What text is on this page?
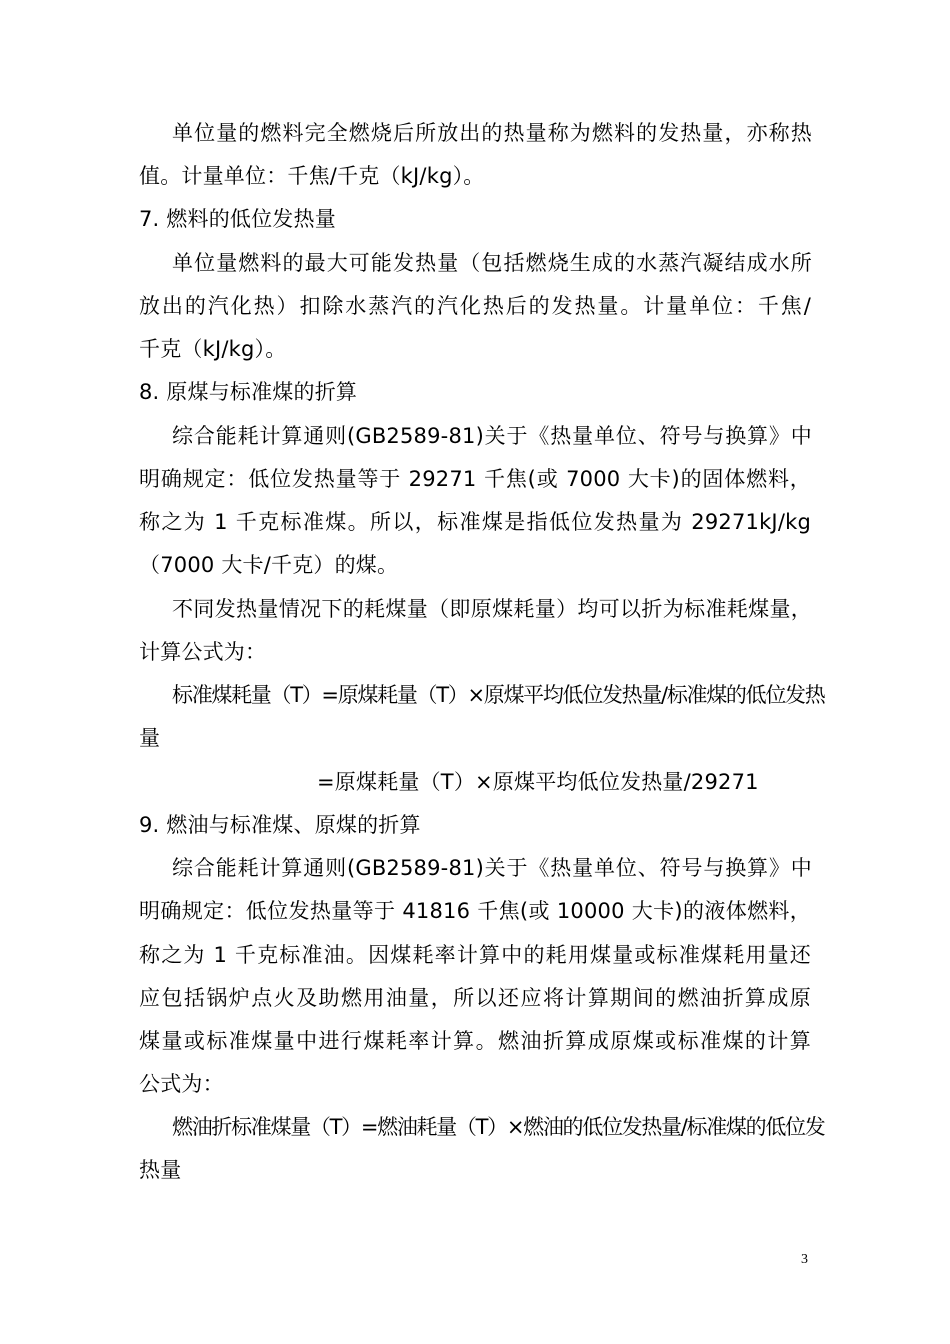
单位量的燃料完全燃烧后所放出的热量称为燃料的发热量，亦称热
值。计量单位：千焦/千克（kJ/kg）。
7. 燃料的低位发热量
单位量燃料的最大可能发热量（包括燃烧生成的水蒸汽凝结成水所
放出的汽化热）扣除水蒸汽的汽化热后的发热量。计量单位：千焦/
千克（kJ/kg）。
8. 原煤与标准煤的折算
综合能耗计算通则(GB2589-81)关于《热量单位、符号与换算》中
明确规定：低位发热量等于 29271 千焦(或 7000 大卡)的固体燃料，
称之为 1 千克标准煤。所以，标准煤是指低位发热量为 29271kJ/kg
（7000 大卡/千克）的煤。
不同发热量情况下的耗煤量（即原煤耗量）均可以折为标准耗煤量，
计算公式为：
标准煤耗量（T）=原煤耗量（T）×原煤平均低位发热量/标准煤的低位发热
量
=原煤耗量（T）×原煤平均低位发热量/29271
9. 燃油与标准煤、原煤的折算
综合能耗计算通则(GB2589-81)关于《热量单位、符号与换算》中
明确规定：低位发热量等于 41816 千焦(或 10000 大卡)的液体燃料，
称之为 1 千克标准油。因煤耗率计算中的耗用煤量或标准煤耗用量还
应包括锅炉点火及助燃用油量，所以还应将计算期间的燃油折算成原
煤量或标准煤量中进行煤耗率计算。燃油折算成原煤或标准煤的计算
公式为：
燃油折标准煤量（T）=燃油耗量（T）×燃油的低位发热量/标准煤的低位发
热量
3
